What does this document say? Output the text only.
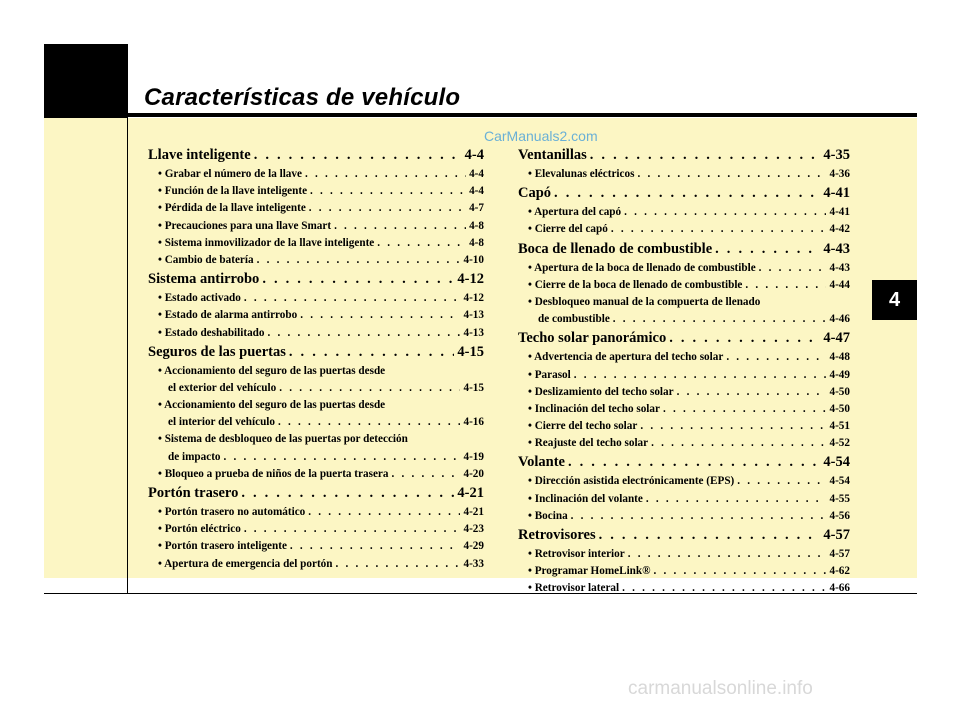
Características de vehículo
CarManuals2.com
4
Llave inteligente . . .	4-4
• Grabar el número de la llave . . .	4-4
• Función de la llave inteligente . . .	4-4
• Pérdida de la llave inteligente . . .	4-7
• Precauciones para una llave Smart . . .	4-8
• Sistema inmovilizador de la llave inteligente . . .	4-8
• Cambio de batería . . .	4-10
Sistema antirrobo . . .	4-12
• Estado activado . . .	4-12
• Estado de alarma antirrobo . . .	4-13
• Estado deshabilitado . . .	4-13
Seguros de las puertas . . .	4-15
• Accionamiento del seguro de las puertas desde
el exterior del vehículo . . .	4-15
• Accionamiento del seguro de las puertas desde
el interior del vehículo . . .	4-16
• Sistema de desbloqueo de las puertas por detección
de impacto . . .	4-19
• Bloqueo a prueba de niños de la puerta trasera . . .	4-20
Portón trasero . . .	4-21
• Portón trasero no automático . . .	4-21
• Portón eléctrico . . .	4-23
• Portón trasero inteligente . . .	4-29
• Apertura de emergencia del portón . . .	4-33
Ventanillas . . .	4-35
• Elevalunas eléctricos . . .	4-36
Capó . . .	4-41
• Apertura del capó . . .	4-41
• Cierre del capó . . .	4-42
Boca de llenado de combustible . . .	4-43
• Apertura de la boca de llenado de combustible . . .	4-43
• Cierre de la boca de llenado de combustible . . .	4-44
• Desbloqueo manual de la compuerta de llenado
de combustible . . .	4-46
Techo solar panorámico . . .	4-47
• Advertencia de apertura del techo solar . . .	4-48
• Parasol . . .	4-49
• Deslizamiento del techo solar . . .	4-50
• Inclinación del techo solar . . .	4-50
• Cierre del techo solar . . .	4-51
• Reajuste del techo solar . . .	4-52
Volante . . .	4-54
• Dirección asistida electrónicamente (EPS) . . .	4-54
• Inclinación del volante . . .	4-55
• Bocina . . .	4-56
Retrovisores . . .	4-57
• Retrovisor interior . . .	4-57
• Programar HomeLink® . . .	4-62
• Retrovisor lateral . . .	4-66
carmanualsonline.info
